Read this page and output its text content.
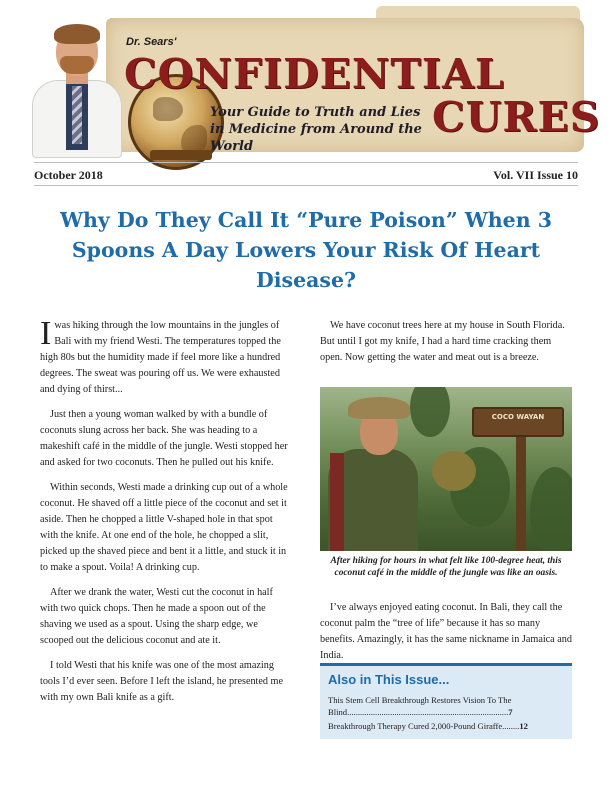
Dr. Sears'
CONFIDENTIAL
Your Guide to Truth and Lies in Medicine from Around the World
CURES
October 2018	Vol. VII Issue 10
Why Do They Call It “Pure Poison” When 3 Spoons A Day Lowers Your Risk Of Heart Disease?

Iwas hiking through the low mountains in the jungles of Bali with my friend Westi. The temperatures topped the high 80s but the humidity made if feel more like a hundred degrees. The sweat was pouring off us. We were exhausted and dying of thirst...

Just then a young woman walked by with a bundle of coconuts slung across her back. She was heading to a makeshift café in the middle of the jungle. Westi stopped her and asked for two coconuts. Then he pulled out his knife.

Within seconds, Westi made a drinking cup out of a whole coconut. He shaved off a little piece of the coconut and set it aside. Then he chopped a little V-shaped hole in that spot with the knife. At one end of the hole, he chopped a slit, picked up the shaved piece and bent it a little, and stuck it in to make a spout. Voila! A drinking cup.

After we drank the water, Westi cut the coconut in half with two quick chops. Then he made a spoon out of the shaving we used as a spout. Using the sharp edge, we scooped out the delicious coconut and ate it.

I told Westi that his knife was one of the most amazing tools I’d ever seen. Before I left the island, he presented me with my own Bali knife as a gift.

We have coconut trees here at my house in South Florida. But until I got my knife, I had a hard time cracking them open. Now getting the water and meat out is a breeze.

COCO WAYAN
After hiking for hours in what felt like 100-degree heat, this coconut café in the middle of the jungle was like an oasis.

I’ve always enjoyed eating coconut. In Bali, they call the coconut palm the “tree of life” because it has so many benefits. Amazingly, it has the same nickname in Jamaica and India.

Also in This Issue...
This Stem Cell Breakthrough Restores Vision To The Blind...........................................................................7
Breakthrough Therapy Cured 2,000-Pound Giraffe........12
